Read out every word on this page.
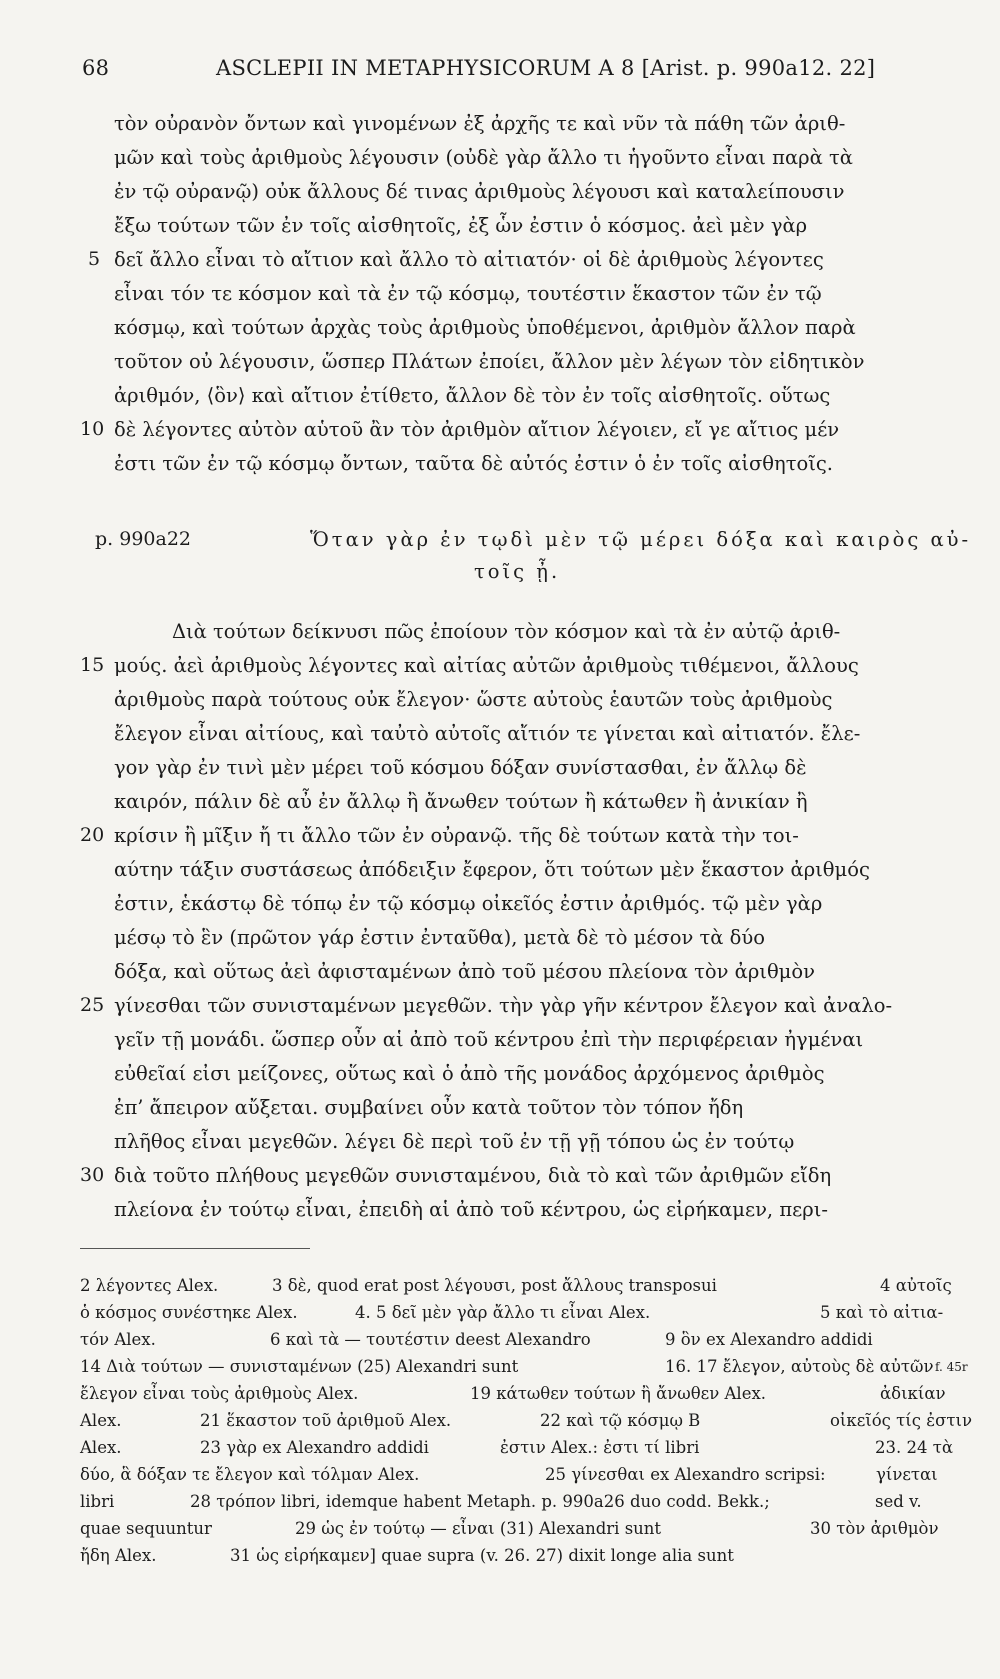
68	ASCLEPII IN METAPHYSICORUM A 8 [Arist. p. 990a12. 22]
τὸν οὐρανὸν ὄντων καὶ γινομένων ἐξ ἀρχῆς τε καὶ νῦν τὰ πάθη τῶν ἀριθ-
μῶν καὶ τοὺς ἀριθμοὺς λέγουσιν (οὐδὲ γὰρ ἄλλο τι ἡγοῦντο εἶναι παρὰ τὰ
ἐν τῷ οὐρανῷ) οὐκ ἄλλους δέ τινας ἀριθμοὺς λέγουσι καὶ καταλείπουσιν
ἔξω τούτων τῶν ἐν τοῖς αἰσθητοῖς, ἐξ ὧν ἐστιν ὁ κόσμος. ἀεὶ μὲν γὰρ
δεῖ ἄλλο εἶναι τὸ αἴτιον καὶ ἄλλο τὸ αἰτιατόν· οἱ δὲ ἀριθμοὺς λέγοντες
εἶναι τόν τε κόσμον καὶ τὰ ἐν τῷ κόσμῳ, τουτέστιν ἕκαστον τῶν ἐν τῷ
κόσμῳ, καὶ τούτων ἀρχὰς τοὺς ἀριθμοὺς ὑποθέμενοι, ἀριθμὸν ἄλλον παρὰ
τοῦτον οὐ λέγουσιν, ὥσπερ Πλάτων ἐποίει, ἄλλον μὲν λέγων τὸν εἰδητικὸν
ἀριθμόν, ⟨ὃν⟩ καὶ αἴτιον ἐτίθετο, ἄλλον δὲ τὸν ἐν τοῖς αἰσθητοῖς. οὕτως
δὲ λέγοντες αὐτὸν αὑτοῦ ἂν τὸν ἀριθμὸν αἴτιον λέγοιεν, εἴ γε αἴτιος μέν
ἐστι τῶν ἐν τῷ κόσμῳ ὄντων, ταῦτα δὲ αὐτός ἐστιν ὁ ἐν τοῖς αἰσθητοῖς.
Ὅταν γὰρ ἐν τῳδὶ μὲν τῷ μέρει δόξα καὶ καιρὸς αὐ-
τοῖς ᾖ.
Διὰ τούτων δείκνυσι πῶς ἐποίουν τὸν κόσμον καὶ τὰ ἐν αὐτῷ ἀριθ-
μούς. ἀεὶ ἀριθμοὺς λέγοντες καὶ αἰτίας αὐτῶν ἀριθμοὺς τιθέμενοι, ἄλλους
ἀριθμοὺς παρὰ τούτους οὐκ ἔλεγον· ὥστε αὐτοὺς ἑαυτῶν τοὺς ἀριθμοὺς
ἔλεγον εἶναι αἰτίους, καὶ ταὐτὸ αὐτοῖς αἴτιόν τε γίνεται καὶ αἰτιατόν. ἔλε-
γον γὰρ ἐν τινὶ μὲν μέρει τοῦ κόσμου δόξαν συνίστασθαι, ἐν ἄλλῳ δὲ
καιρόν, πάλιν δὲ αὖ ἐν ἄλλῳ ἢ ἄνωθεν τούτων ἢ κάτωθεν ἢ ἀνικίαν ἢ
κρίσιν ἢ μῖξιν ἤ τι ἄλλο τῶν ἐν οὐρανῷ. τῆς δὲ τούτων κατὰ τὴν τοι-
αύτην τάξιν συστάσεως ἀπόδειξιν ἔφερον, ὅτι τούτων μὲν ἕκαστον ἀριθμός
ἐστιν, ἑκάστῳ δὲ τόπῳ ἐν τῷ κόσμῳ οἰκεῖός ἐστιν ἀριθμός. τῷ μὲν γὰρ
μέσῳ τὸ ἓν (πρῶτον γάρ ἐστιν ἐνταῦθα), μετὰ δὲ τὸ μέσον τὰ δύο
δόξα, καὶ οὕτως ἀεὶ ἀφισταμένων ἀπὸ τοῦ μέσου πλείονα τὸν ἀριθμὸν
γίνεσθαι τῶν συνισταμένων μεγεθῶν. τὴν γὰρ γῆν κέντρον ἔλεγον καὶ ἀναλο-
γεῖν τῇ μονάδι. ὥσπερ οὖν αἱ ἀπὸ τοῦ κέντρου ἐπὶ τὴν περιφέρειαν ἠγμέναι
εὐθεῖαί εἰσι μείζονες, οὕτως καὶ ὁ ἀπὸ τῆς μονάδος ἀρχόμενος ἀριθμὸς
ἐπ’ ἄπειρον αὔξεται. συμβαίνει οὖν κατὰ τοῦτον τὸν τόπον ἤδη
πλῆθος εἶναι μεγεθῶν. λέγει δὲ περὶ τοῦ ἐν τῇ γῇ τόπου ὡς ἐν τούτῳ
διὰ τοῦτο πλήθους μεγεθῶν συνισταμένου, διὰ τὸ καὶ τῶν ἀριθμῶν εἴδη
πλείονα ἐν τούτῳ εἶναι, ἐπειδὴ αἱ ἀπὸ τοῦ κέντρου, ὡς εἰρήκαμεν, περι-
5
10
15
20
25
30
p. 990a22
f. 45r
2 λέγοντες Alex.	3 δὲ, quod erat post λέγουσι, post ἄλλους transposui	4 αὐτοῖς
ὁ κόσμος συνέστηκε Alex.	4. 5 δεῖ μὲν γὰρ ἄλλο τι εἶναι Alex.	5 καὶ τὸ αἰτια-
τόν Alex.	6 καὶ τὰ — τουτέστιν deest Alexandro	9 ὃν ex Alexandro addidi
14 Διὰ τούτων — συνισταμένων (25) Alexandri sunt	16. 17 ἔλεγον, αὐτοὺς δὲ αὐτῶν
ἔλεγον εἶναι τοὺς ἀριθμοὺς Alex.	19 κάτωθεν τούτων ἢ ἄνωθεν Alex.	ἀδικίαν
Alex.	21 ἕκαστον τοῦ ἀριθμοῦ Alex.	22 καὶ τῷ κόσμῳ B	οἰκεῖός τίς ἐστιν
Alex.	23 γὰρ ex Alexandro addidi	ἐστιν Alex.: ἐστι τί libri	23. 24 τὰ
δύο, ἃ δόξαν τε ἔλεγον καὶ τόλμαν Alex.	25 γίνεσθαι ex Alexandro scripsi:	γίνεται
libri	28 τρόπον libri, idemque habent Metaph. p. 990a26 duo codd. Bekk.;	sed v.
quae sequuntur	29 ὡς ἐν τούτῳ — εἶναι (31) Alexandri sunt	30 τὸν ἀριθμὸν
ἤδη Alex.	31 ὡς εἰρήκαμεν] quae supra (v. 26. 27) dixit longe alia sunt
